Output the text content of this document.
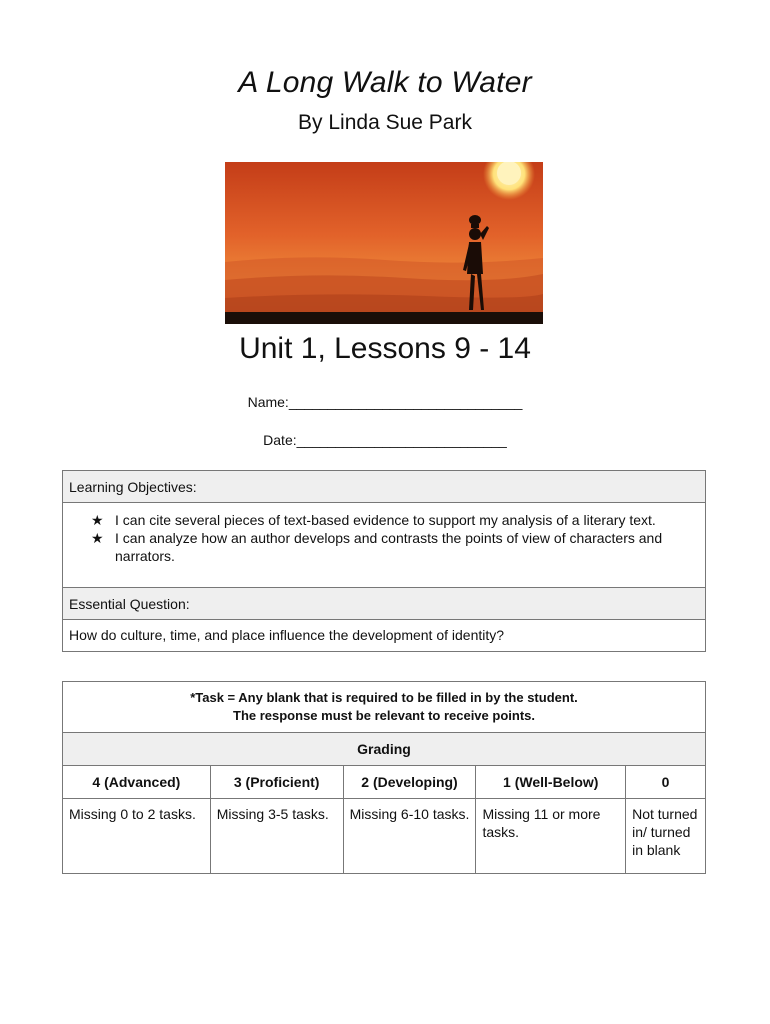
A Long Walk to Water
By Linda Sue Park
Unit 1, Lessons 9 - 14
Name:______________________________
Date:___________________________
Learning Objectives:
★ I can cite several pieces of text-based evidence to support my analysis of a literary text.
★ I can analyze how an author develops and contrasts the points of view of characters and narrators.
Essential Question:
How do culture, time, and place influence the development of identity?
*Task = Any blank that is required to be filled in by the student.
The response must be relevant to receive points.				

Grading				
4 (Advanced)	3 (Proficient)	2 (Developing)	1 (Well-Below)	0
Missing 0 to 2 tasks.	Missing 3-5 tasks.	Missing 6-10 tasks.	Missing 11 or more tasks.	Not turned in/ turned in blank
